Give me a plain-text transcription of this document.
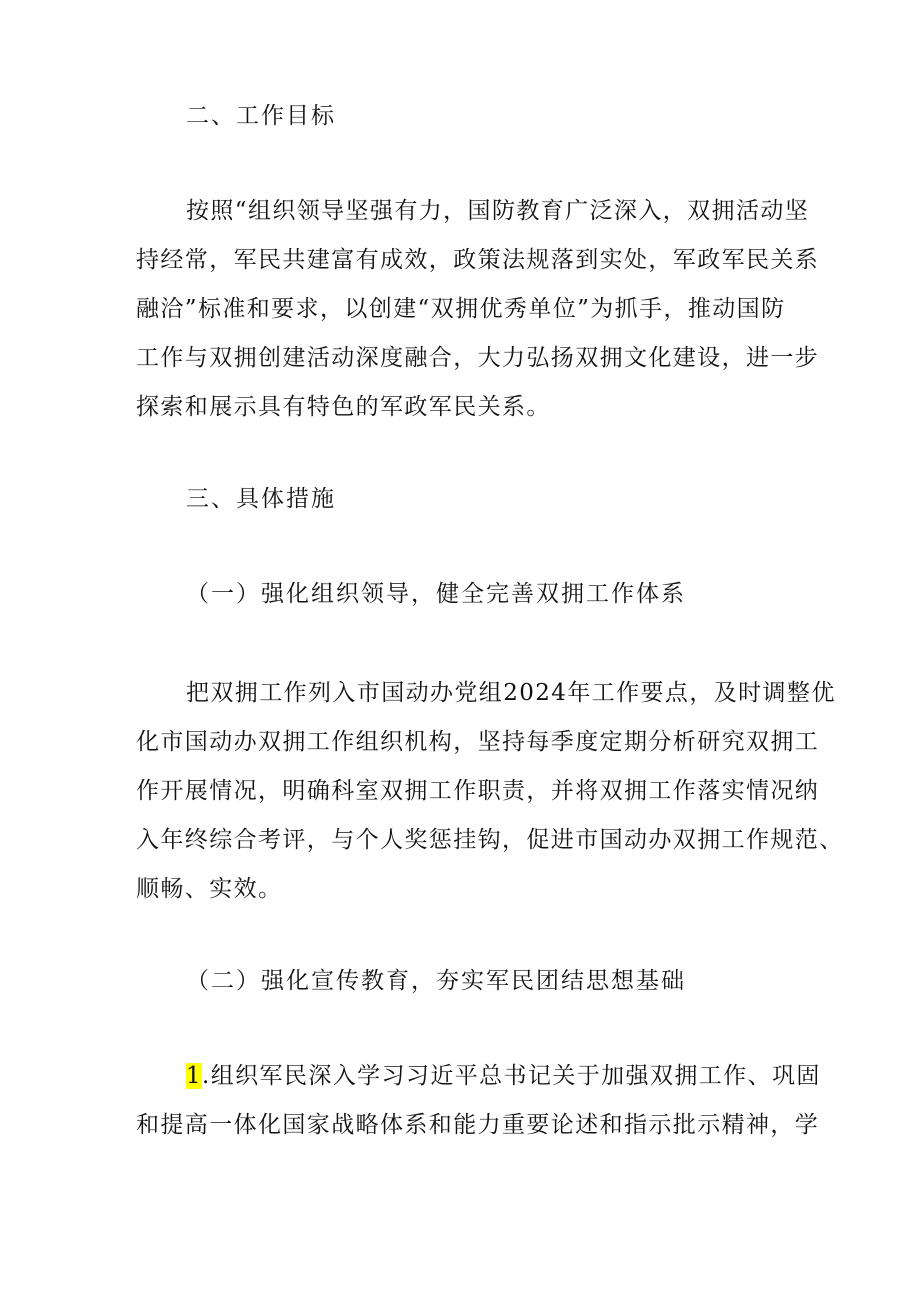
二、工作目标
按照“组织领导坚强有力，国防教育广泛深入，双拥活动坚
持经常，军民共建富有成效，政策法规落到实处，军政军民关系
融洽”标准和要求，以创建“双拥优秀单位”为抓手，推动国防
工作与双拥创建活动深度融合，大力弘扬双拥文化建设，进一步
探索和展示具有特色的军政军民关系。
三、具体措施
（一）强化组织领导，健全完善双拥工作体系
把双拥工作列入市国动办党组2024年工作要点，及时调整优
化市国动办双拥工作组织机构，坚持每季度定期分析研究双拥工
作开展情况，明确科室双拥工作职责，并将双拥工作落实情况纳
入年终综合考评，与个人奖惩挂钩，促进市国动办双拥工作规范、
顺畅、实效。
（二）强化宣传教育，夯实军民团结思想基础
1.组织军民深入学习习近平总书记关于加强双拥工作、巩固
和提高一体化国家战略体系和能力重要论述和指示批示精神，学
